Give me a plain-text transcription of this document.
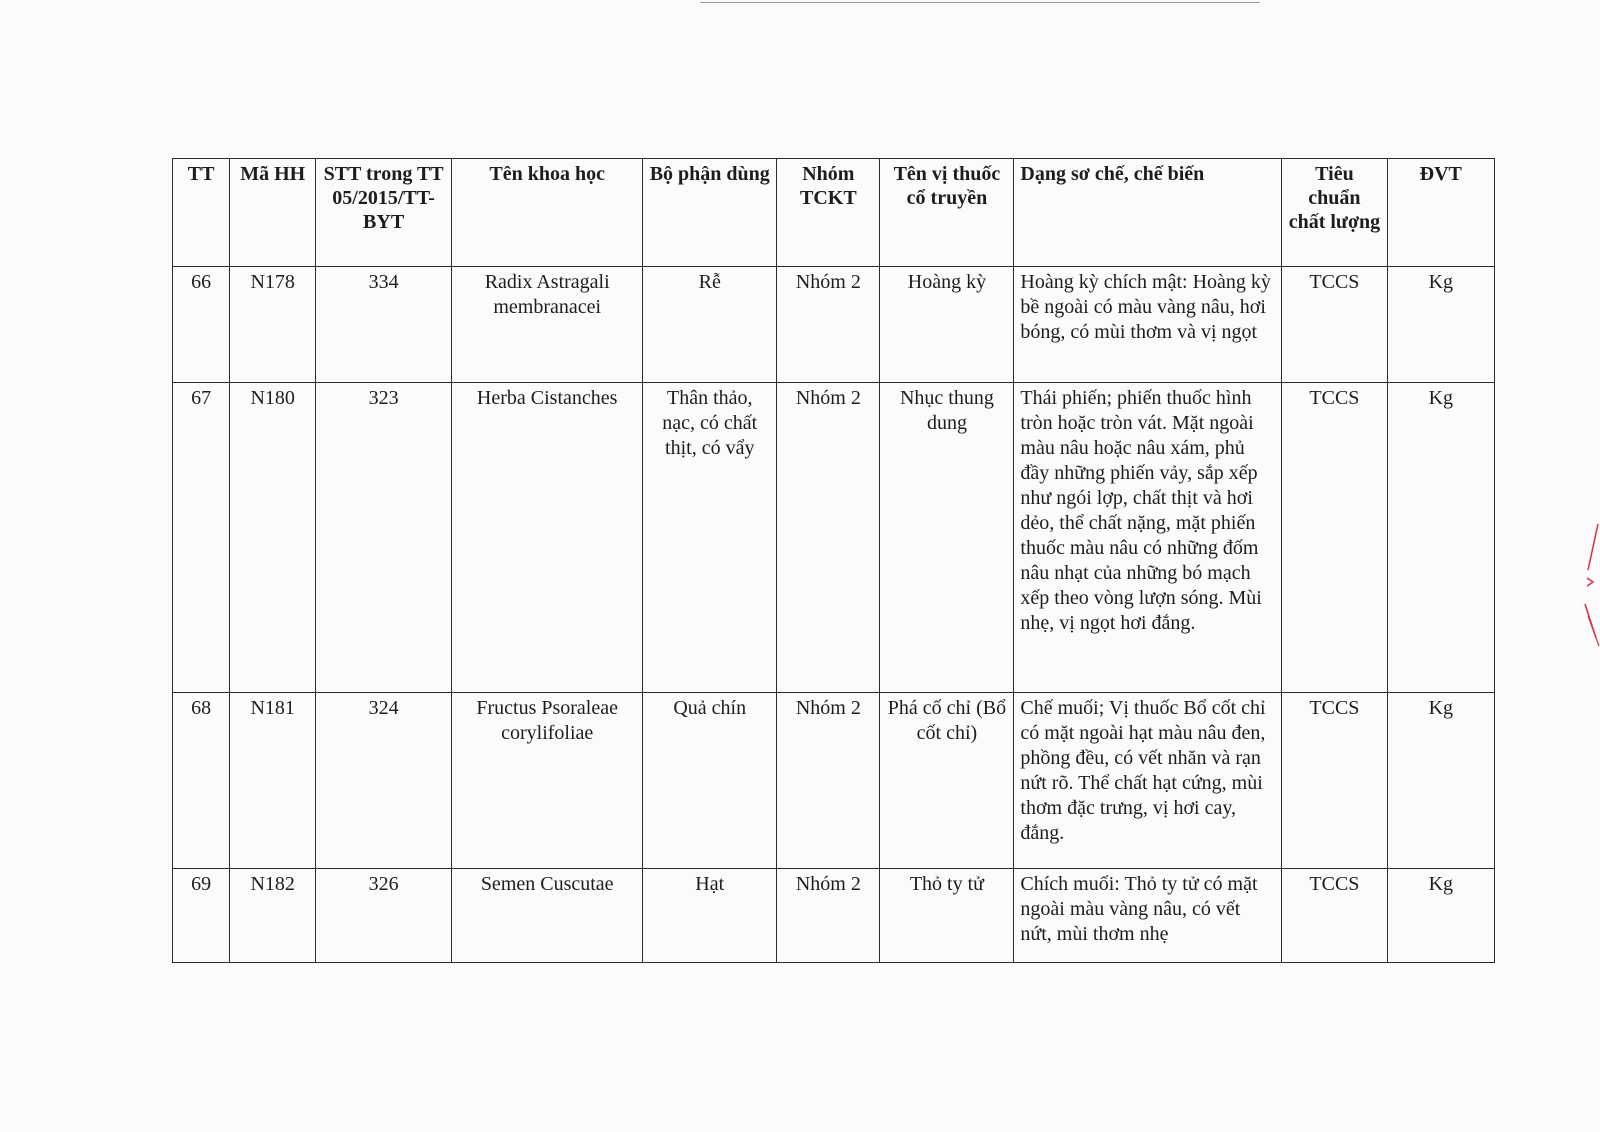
TT	Mã HH	STT trong TT 05/2015/TT-BYT	Tên khoa học	Bộ phận dùng	Nhóm TCKT	Tên vị thuốc cổ truyền	Dạng sơ chế, chế biến	Tiêu chuẩn chất lượng	ĐVT
66	N178	334	Radix Astragali membranacei	Rễ	Nhóm 2	Hoàng kỳ	Hoàng kỳ chích mật: Hoàng kỳ bề ngoài có màu vàng nâu, hơi bóng, có mùi thơm và vị ngọt	TCCS	Kg
67	N180	323	Herba Cistanches	Thân thảo, nạc, có chất thịt, có vẩy	Nhóm 2	Nhục thung dung	Thái phiến; phiến thuốc hình tròn hoặc tròn vát. Mặt ngoài màu nâu hoặc nâu xám, phủ đầy những phiến vảy, sắp xếp như ngói lợp, chất thịt và hơi dẻo, thể chất nặng, mặt phiến thuốc màu nâu có những đốm nâu nhạt của những bó mạch xếp theo vòng lượn sóng. Mùi nhẹ, vị ngọt hơi đắng.	TCCS	Kg
68	N181	324	Fructus Psoraleae corylifoliae	Quả chín	Nhóm 2	Phá cố chỉ (Bổ cốt chỉ)	Chế muối; Vị thuốc Bổ cốt chỉ có mặt ngoài hạt màu nâu đen, phồng đều, có vết nhăn và rạn nứt rõ. Thể chất hạt cứng, mùi thơm đặc trưng, vị hơi cay, đắng.	TCCS	Kg
69	N182	326	Semen Cuscutae	Hạt	Nhóm 2	Thỏ ty tử	Chích muối: Thỏ ty tử có mặt ngoài màu vàng nâu, có vết nứt, mùi thơm nhẹ	TCCS	Kg
